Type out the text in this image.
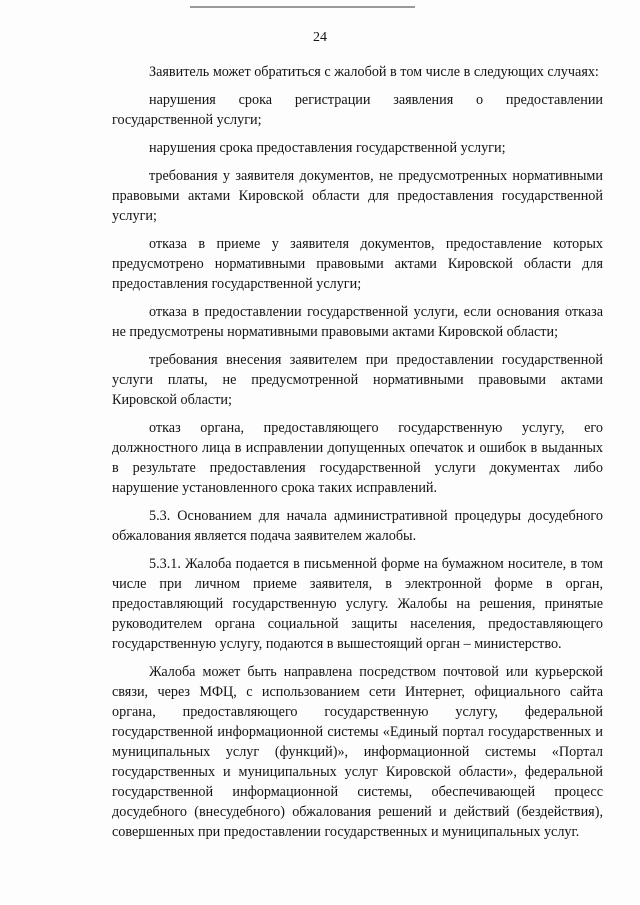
24

Заявитель может обратиться с жалобой в том числе в следующих случаях:

нарушения срока регистрации заявления о предоставлении государственной услуги;

нарушения срока предоставления государственной услуги;

требования у заявителя документов, не предусмотренных нормативными правовыми актами Кировской области для предоставления государственной услуги;

отказа в приеме у заявителя документов, предоставление которых предусмотрено нормативными правовыми актами Кировской области для предоставления государственной услуги;

отказа в предоставлении государственной услуги, если основания отказа не предусмотрены нормативными правовыми актами Кировской области;

требования внесения заявителем при предоставлении государственной услуги платы, не предусмотренной нормативными правовыми актами Кировской области;

отказ органа, предоставляющего государственную услугу, его должностного лица в исправлении допущенных опечаток и ошибок в выданных в результате предоставления государственной услуги документах либо нарушение установленного срока таких исправлений.

5.3. Основанием для начала административной процедуры досудебного обжалования является подача заявителем жалобы.

5.3.1. Жалоба подается в письменной форме на бумажном носителе, в том числе при личном приеме заявителя, в электронной форме в орган, предоставляющий государственную услугу. Жалобы на решения, принятые руководителем органа социальной защиты населения, предоставляющего государственную услугу, подаются в вышестоящий орган – министерство.

Жалоба может быть направлена посредством почтовой или курьерской связи, через МФЦ, с использованием сети Интернет, официального сайта органа, предоставляющего государственную услугу, федеральной государственной информационной системы «Единый портал государственных и муниципальных услуг (функций)», информационной системы «Портал государственных и муниципальных услуг Кировской области», федеральной государственной информационной системы, обеспечивающей процесс досудебного (внесудебного) обжалования решений и действий (бездействия), совершенных при предоставлении государственных и муниципальных услуг.
